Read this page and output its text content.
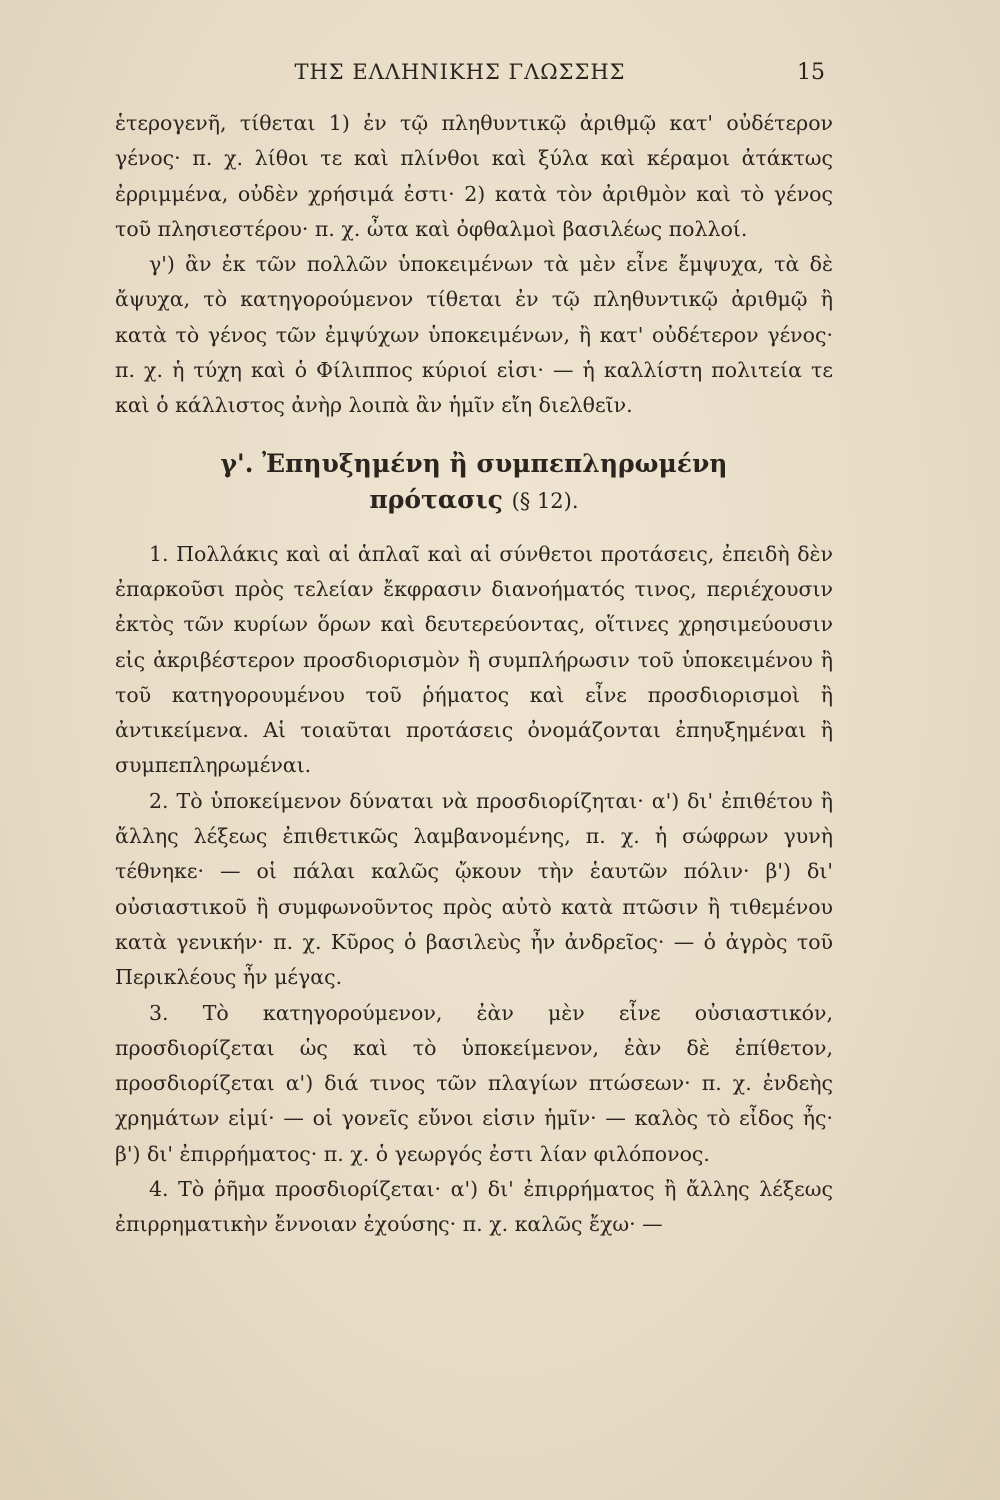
ΤΗΣ ΕΛΛΗΝΙΚΗΣ ΓΛΩΣΣΗΣ	15

ἑτερογενῆ, τίθεται 1) ἐν τῷ πληθυντικῷ ἀριθμῷ κατ' οὐδέτερον γένος· π. χ. λίθοι τε καὶ πλίνθοι καὶ ξύλα καὶ κέραμοι ἀτάκτως ἐρριμμένα, οὐδὲν χρήσιμά ἐστι· 2) κατὰ τὸν ἀριθμὸν καὶ τὸ γένος τοῦ πλησιεστέρου· π. χ. ὦτα καὶ ὀφθαλμοὶ βασιλέως πολλοί.

γ') ἂν ἐκ τῶν πολλῶν ὑποκειμένων τὰ μὲν εἶνε ἔμψυχα, τὰ δὲ ἄψυχα, τὸ κατηγορούμενον τίθεται ἐν τῷ πληθυντικῷ ἀριθμῷ ἢ κατὰ τὸ γένος τῶν ἐμψύχων ὑποκειμένων, ἢ κατ' οὐδέτερον γένος· π. χ. ἡ τύχη καὶ ὁ Φίλιππος κύριοί εἰσι· — ἡ καλλίστη πολιτεία τε καὶ ὁ κάλλιστος ἀνὴρ λοιπὰ ἂν ἡμῖν εἴη διελθεῖν.

γ'. Ἐπηυξημένη ἢ συμπεπληρωμένη
πρότασις (§ 12).

1. Πολλάκις καὶ αἱ ἁπλαῖ καὶ αἱ σύνθετοι προτάσεις, ἐπειδὴ δὲν ἐπαρκοῦσι πρὸς τελείαν ἔκφρασιν διανοήματός τινος, περιέχουσιν ἐκτὸς τῶν κυρίων ὅρων καὶ δευτερεύοντας, οἵτινες χρησιμεύουσιν εἰς ἀκριβέστερον προσδιορισμὸν ἢ συμπλήρωσιν τοῦ ὑποκειμένου ἢ τοῦ κατηγορουμένου τοῦ ῥήματος καὶ εἶνε προσδιορισμοὶ ἢ ἀντικείμενα. Αἱ τοιαῦται προτάσεις ὀνομάζονται ἐπηυξημέναι ἢ συμπεπληρωμέναι.

2. Τὸ ὑποκείμενον δύναται νὰ προσδιορίζηται· α') δι' ἐπιθέτου ἢ ἄλλης λέξεως ἐπιθετικῶς λαμβανομένης, π. χ. ἡ σώφρων γυνὴ τέθνηκε· — οἱ πάλαι καλῶς ᾤκουν τὴν ἑαυτῶν πόλιν· β') δι' οὐσιαστικοῦ ἢ συμφωνοῦντος πρὸς αὐτὸ κατὰ πτῶσιν ἢ τιθεμένου κατὰ γενικήν· π. χ. Κῦρος ὁ βασιλεὺς ἦν ἀνδρεῖος· — ὁ ἀγρὸς τοῦ Περικλέους ἦν μέγας.

3. Τὸ κατηγορούμενον, ἐὰν μὲν εἶνε οὐσιαστικόν, προσδιορίζεται ὡς καὶ τὸ ὑποκείμενον, ἐὰν δὲ ἐπίθετον, προσδιορίζεται α') διά τινος τῶν πλαγίων πτώσεων· π. χ. ἐνδεὴς χρημάτων εἰμί· — οἱ γονεῖς εὔνοι εἰσιν ἡμῖν· — καλὸς τὸ εἶδος ἦς· β') δι' ἐπιρρήματος· π. χ. ὁ γεωργός ἐστι λίαν φιλόπονος.

4. Τὸ ῥῆμα προσδιορίζεται· α') δι' ἐπιρρήματος ἢ ἄλλης λέξεως ἐπιρρηματικὴν ἔννοιαν ἐχούσης· π. χ. καλῶς ἔχω· —
